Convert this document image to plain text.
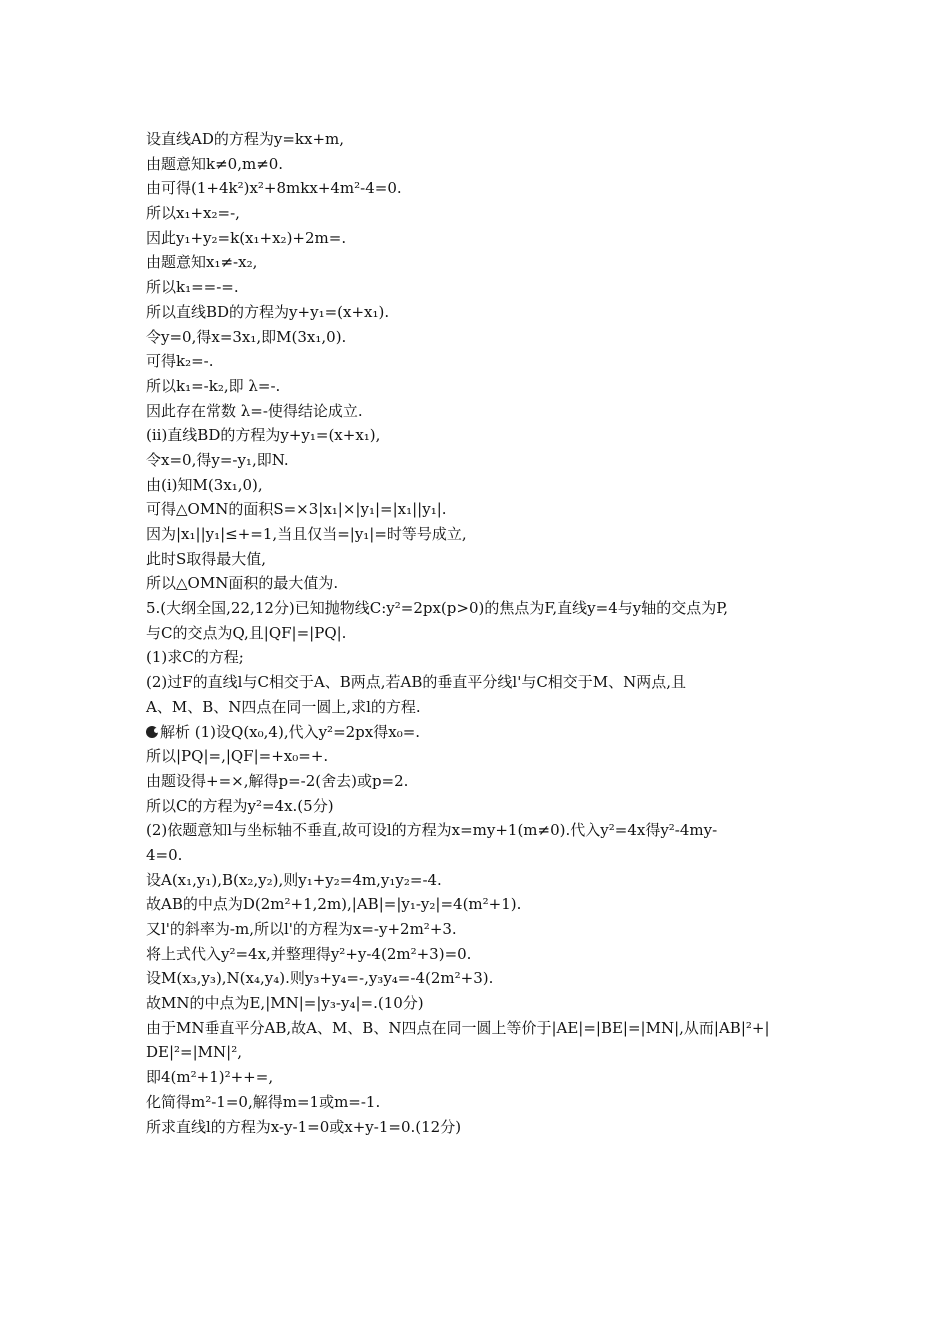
设直线AD的方程为y=kx+m,
由题意知k≠0,m≠0.
由可得(1+4k²)x²+8mkx+4m²-4=0.
所以x₁+x₂=-,
因此y₁+y₂=k(x₁+x₂)+2m=.
由题意知x₁≠-x₂,
所以k₁==-=.
所以直线BD的方程为y+y₁=(x+x₁).
令y=0,得x=3x₁,即M(3x₁,0).
可得k₂=-.
所以k₁=-k₂,即 λ=-.
因此存在常数 λ=-使得结论成立.
(ii)直线BD的方程为y+y₁=(x+x₁),
令x=0,得y=-y₁,即N.
由(i)知M(3x₁,0),
可得△OMN的面积S=×3|x₁|×|y₁|=|x₁||y₁|.
因为|x₁||y₁|≤+=1,当且仅当=|y₁|=时等号成立,
此时S取得最大值,
所以△OMN面积的最大值为.
5.(大纲全国,22,12分)已知抛物线C:y²=2px(p>0)的焦点为F,直线y=4与y轴的交点为P,
与C的交点为Q,且|QF|=|PQ|.
(1)求C的方程;
(2)过F的直线l与C相交于A、B两点,若AB的垂直平分线l'与C相交于M、N两点,且
A、M、B、N四点在同一圆上,求l的方程.
解析 (1)设Q(x₀,4),代入y²=2px得x₀=.
所以|PQ|=,|QF|=+x₀=+.
由题设得+=×,解得p=-2(舍去)或p=2.
所以C的方程为y²=4x.(5分)
(2)依题意知l与坐标轴不垂直,故可设l的方程为x=my+1(m≠0).代入y²=4x得y²-4my-
4=0.
设A(x₁,y₁),B(x₂,y₂),则y₁+y₂=4m,y₁y₂=-4.
故AB的中点为D(2m²+1,2m),|AB|=|y₁-y₂|=4(m²+1).
又l'的斜率为-m,所以l'的方程为x=-y+2m²+3.
将上式代入y²=4x,并整理得y²+y-4(2m²+3)=0.
设M(x₃,y₃),N(x₄,y₄).则y₃+y₄=-,y₃y₄=-4(2m²+3).
故MN的中点为E,|MN|=|y₃-y₄|=.(10分)
由于MN垂直平分AB,故A、M、B、N四点在同一圆上等价于|AE|=|BE|=|MN|,从而|AB|²+|
DE|²=|MN|²,
即4(m²+1)²++=,
化简得m²-1=0,解得m=1或m=-1.
所求直线l的方程为x-y-1=0或x+y-1=0.(12分)
